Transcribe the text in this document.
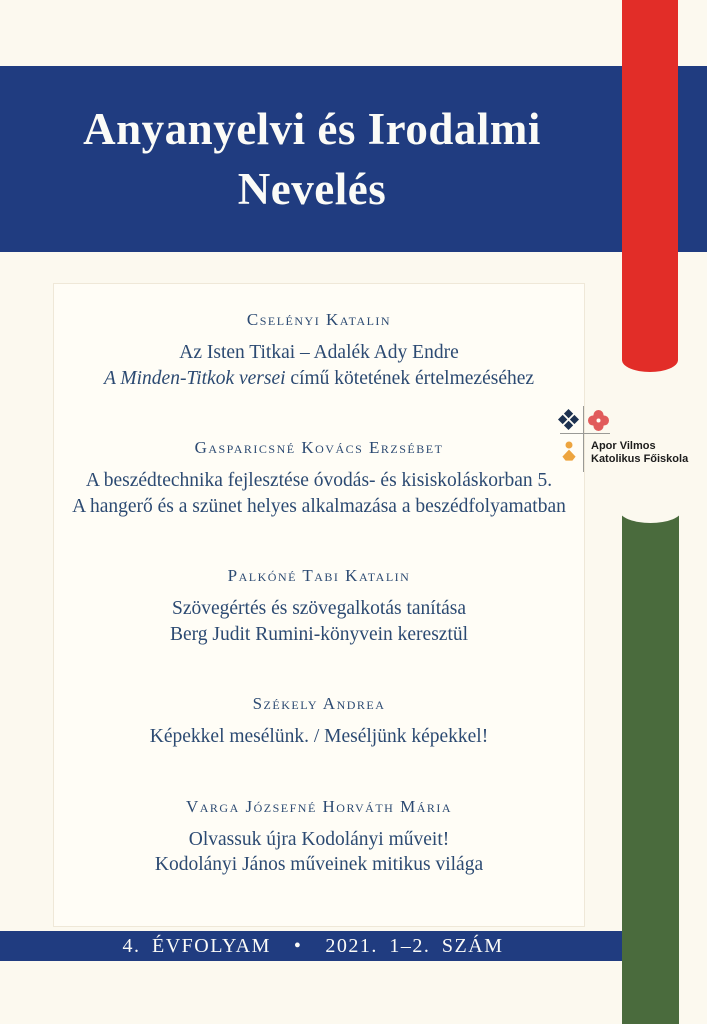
Anyanyelvi és Irodalmi
Nevelés
Cselényi Katalin
Az Isten Titkai – Adalék Ady Endre
A Minden-Titkok versei című kötetének értelmezéséhez
Gasparicsné Kovács Erzsébet
A beszédtechnika fejlesztése óvodás- és kisiskoláskorban 5.
A hangerő és a szünet helyes alkalmazása a beszédfolyamatban
Palkóné Tabi Katalin
Szövegértés és szövegalkotás tanítása
Berg Judit Rumini-könyvein keresztül
Székely Andrea
Képekkel mesélünk. / Meséljünk képekkel!
Varga Józsefné Horváth Mária
Olvassuk újra Kodolányi műveit!
Kodolányi János műveinek mitikus világa
Apor Vilmos
Katolikus Főiskola
4. ÉVFOLYAM  •  2021. 1–2. SZÁM
